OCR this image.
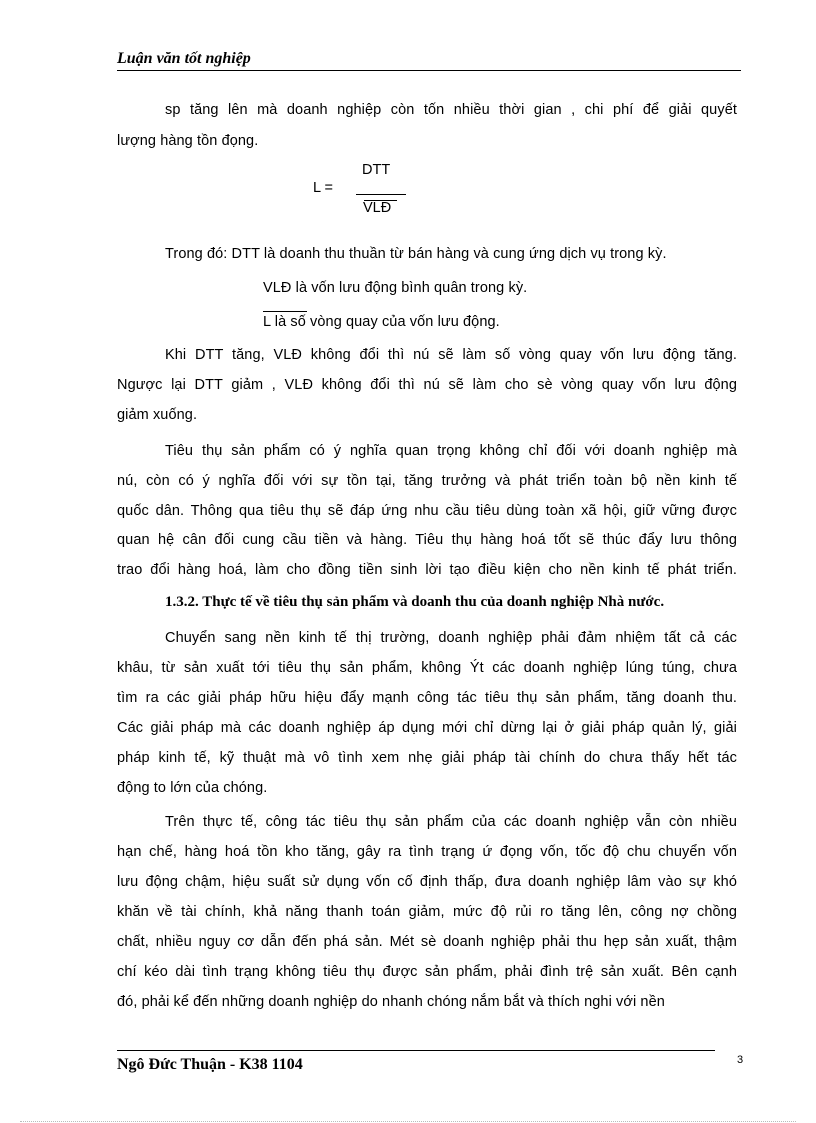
Luận văn tốt nghiệp
sp tăng lên mà doanh nghiệp còn tốn nhiều thời gian , chi phí để giải quyết
lượng hàng tồn đọng.
L =
DTT
VLĐ
Trong đó: DTT là doanh thu thuần từ bán hàng và cung ứng dịch vụ trong kỳ.
VLĐ là vốn lưu động bình quân trong kỳ.
L là số vòng quay của vốn lưu động.
Khi DTT tăng, VLĐ không đổi thì nú sẽ làm số vòng quay vốn lưu động tăng.
Ngược lại DTT giảm , VLĐ không đổi thì nú sẽ làm cho sè vòng quay vốn lưu động
giảm xuống.
Tiêu thụ sản phẩm có ý nghĩa quan trọng không chỉ đối với doanh nghiệp mà
nú, còn có ý nghĩa đối với sự tồn tại, tăng trưởng và phát triển toàn bộ nền kinh tế
quốc dân. Thông qua tiêu thụ sẽ đáp ứng nhu cầu tiêu dùng toàn xã hội, giữ vững được
quan hệ cân đối cung cầu tiền và hàng. Tiêu thụ hàng hoá tốt sẽ thúc đẩy lưu thông
trao đổi hàng hoá, làm cho đồng tiền sinh lời tạo điều kiện cho nền kinh tế phát triển.
1.3.2. Thực tế về tiêu thụ sản phẩm và doanh thu của doanh nghiệp Nhà nước.
Chuyển sang nền kinh tế thị trường, doanh nghiệp phải đảm nhiệm tất cả các
khâu, từ sản xuất tới tiêu thụ sản phẩm, không Ýt các doanh nghiệp lúng túng, chưa
tìm ra các giải pháp hữu hiệu đẩy mạnh công tác tiêu thụ sản phẩm, tăng doanh thu.
Các giải pháp mà các doanh nghiệp áp dụng mới chỉ dừng lại ở giải pháp quản lý, giải
pháp kinh tế, kỹ thuật mà vô tình xem nhẹ giải pháp tài chính do chưa thấy hết tác
động to lớn của chóng.
Trên thực tế, công tác tiêu thụ sản phẩm của các doanh nghiệp vẫn còn nhiều
hạn chế, hàng hoá tồn kho tăng, gây ra tình trạng ứ đọng vốn, tốc độ chu chuyển vốn
lưu động chậm, hiệu suất sử dụng vốn cố định thấp, đưa doanh nghiệp lâm vào sự khó
khăn về tài chính, khả năng thanh toán giảm, mức độ rủi ro tăng lên, công nợ chồng
chất, nhiều nguy cơ dẫn đến phá sản. Mét sè doanh nghiệp phải thu hẹp sản xuất, thậm
chí kéo dài tình trạng không tiêu thụ được sản phẩm, phải đình trệ sản xuất. Bên cạnh
đó, phải kể đến những doanh nghiệp do nhanh chóng nắm bắt và thích nghi với nền
Ngô Đức Thuận - K38 1104	3
